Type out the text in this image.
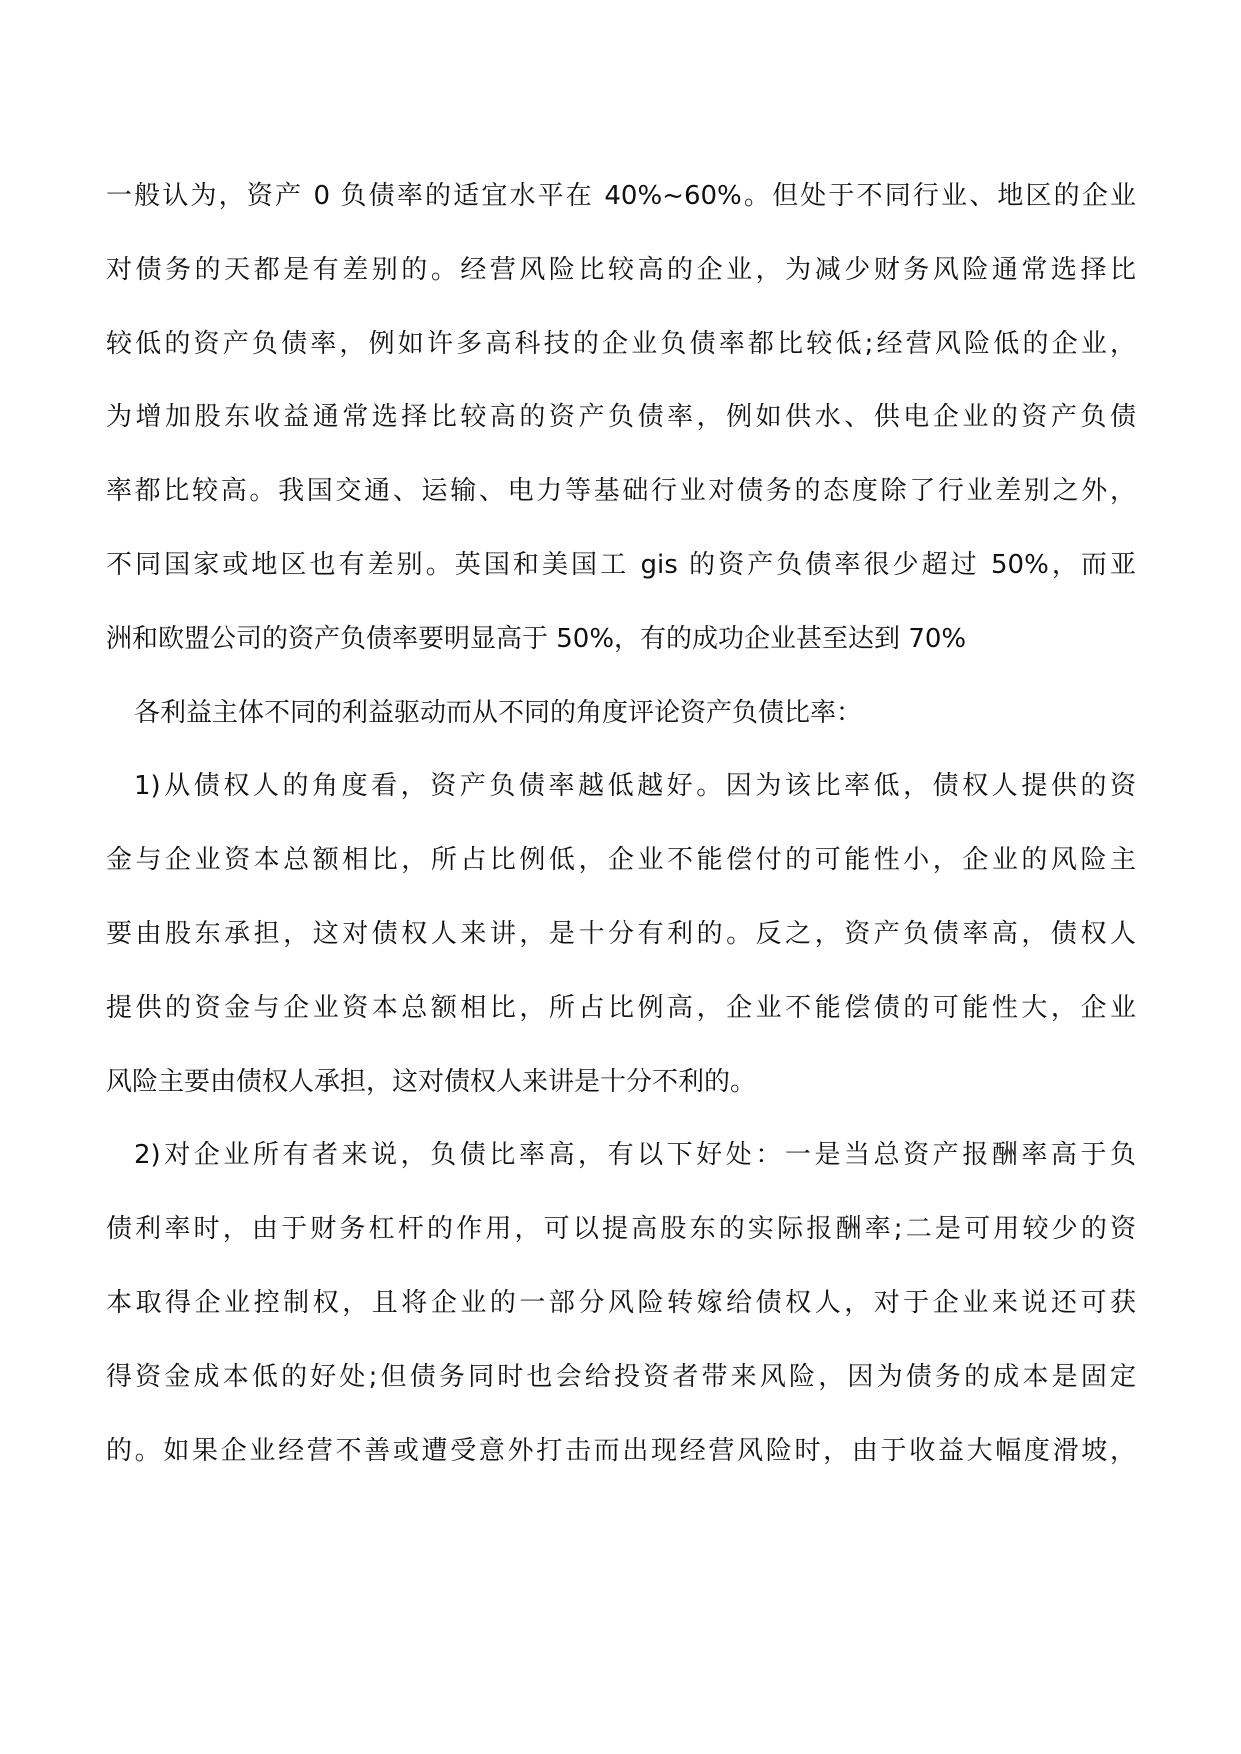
一般认为，资产 0 负债率的适宜水平在 40%~60%。但处于不同行业、地区的企业
对债务的天都是有差别的。经营风险比较高的企业，为减少财务风险通常选择比
较低的资产负债率，例如许多高科技的企业负债率都比较低;经营风险低的企业，
为增加股东收益通常选择比较高的资产负债率，例如供水、供电企业的资产负债
率都比较高。我国交通、运输、电力等基础行业对债务的态度除了行业差别之外，
不同国家或地区也有差别。英国和美国工 gis 的资产负债率很少超过 50%，而亚
洲和欧盟公司的资产负债率要明显高于 50%，有的成功企业甚至达到 70%
各利益主体不同的利益驱动而从不同的角度评论资产负债比率：
1)从债权人的角度看，资产负债率越低越好。因为该比率低，债权人提供的资
金与企业资本总额相比，所占比例低，企业不能偿付的可能性小，企业的风险主
要由股东承担，这对债权人来讲，是十分有利的。反之，资产负债率高，债权人
提供的资金与企业资本总额相比，所占比例高，企业不能偿债的可能性大，企业
风险主要由债权人承担，这对债权人来讲是十分不利的。
2)对企业所有者来说，负债比率高，有以下好处：一是当总资产报酬率高于负
债利率时，由于财务杠杆的作用，可以提高股东的实际报酬率;二是可用较少的资
本取得企业控制权，且将企业的一部分风险转嫁给债权人，对于企业来说还可获
得资金成本低的好处;但债务同时也会给投资者带来风险，因为债务的成本是固定
的。如果企业经营不善或遭受意外打击而出现经营风险时，由于收益大幅度滑坡，
